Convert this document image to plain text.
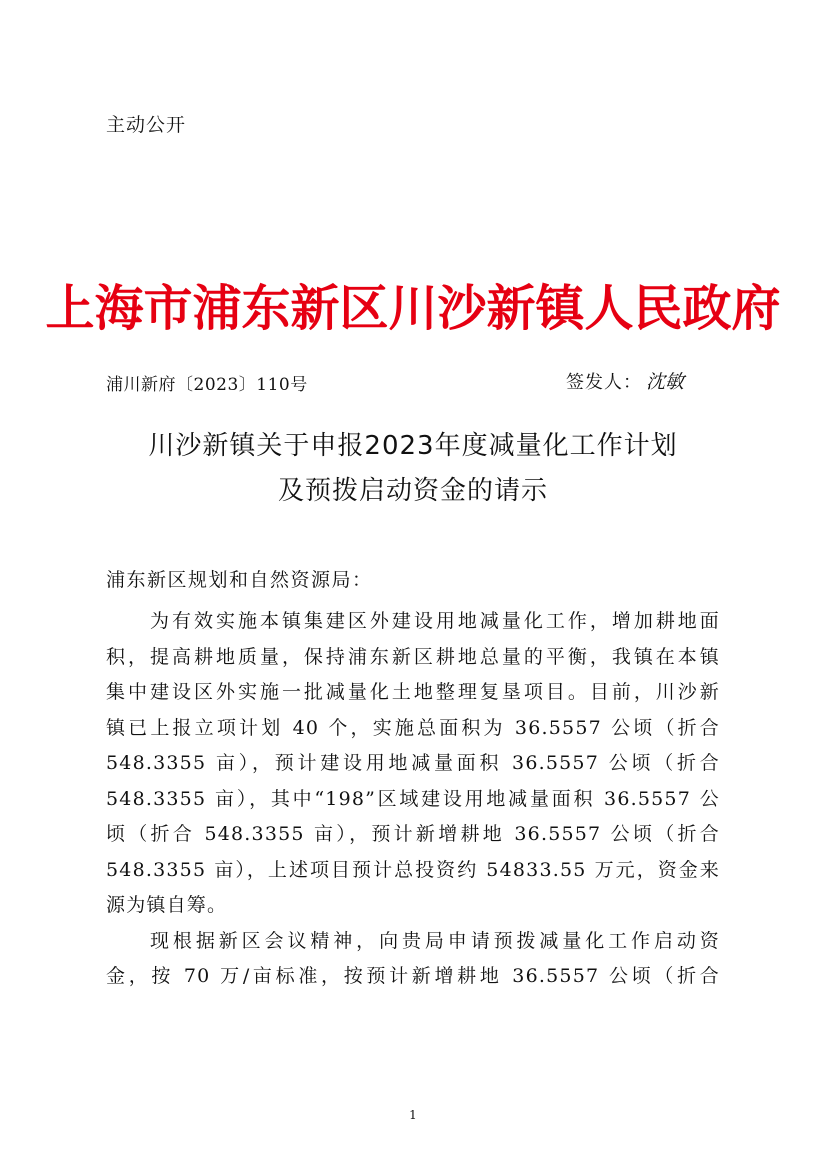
主动公开
上海市浦东新区川沙新镇人民政府
浦川新府〔2023〕110号	签发人： 沈敏
川沙新镇关于申报2023年度减量化工作计划
及预拨启动资金的请示
浦东新区规划和自然资源局：
为有效实施本镇集建区外建设用地减量化工作，增加耕地面
积，提高耕地质量，保持浦东新区耕地总量的平衡，我镇在本镇
集中建设区外实施一批减量化土地整理复垦项目。目前，川沙新
镇已上报立项计划 40 个，实施总面积为 36.5557 公顷（折合
548.3355 亩），预计建设用地减量面积 36.5557 公顷（折合
548.3355 亩），其中“198”区域建设用地减量面积 36.5557 公
顷（折合 548.3355 亩），预计新增耕地 36.5557 公顷（折合
548.3355 亩），上述项目预计总投资约 54833.55 万元，资金来
源为镇自筹。
现根据新区会议精神，向贵局申请预拨减量化工作启动资
金，按 70 万/亩标准，按预计新增耕地 36.5557 公顷（折合
1
